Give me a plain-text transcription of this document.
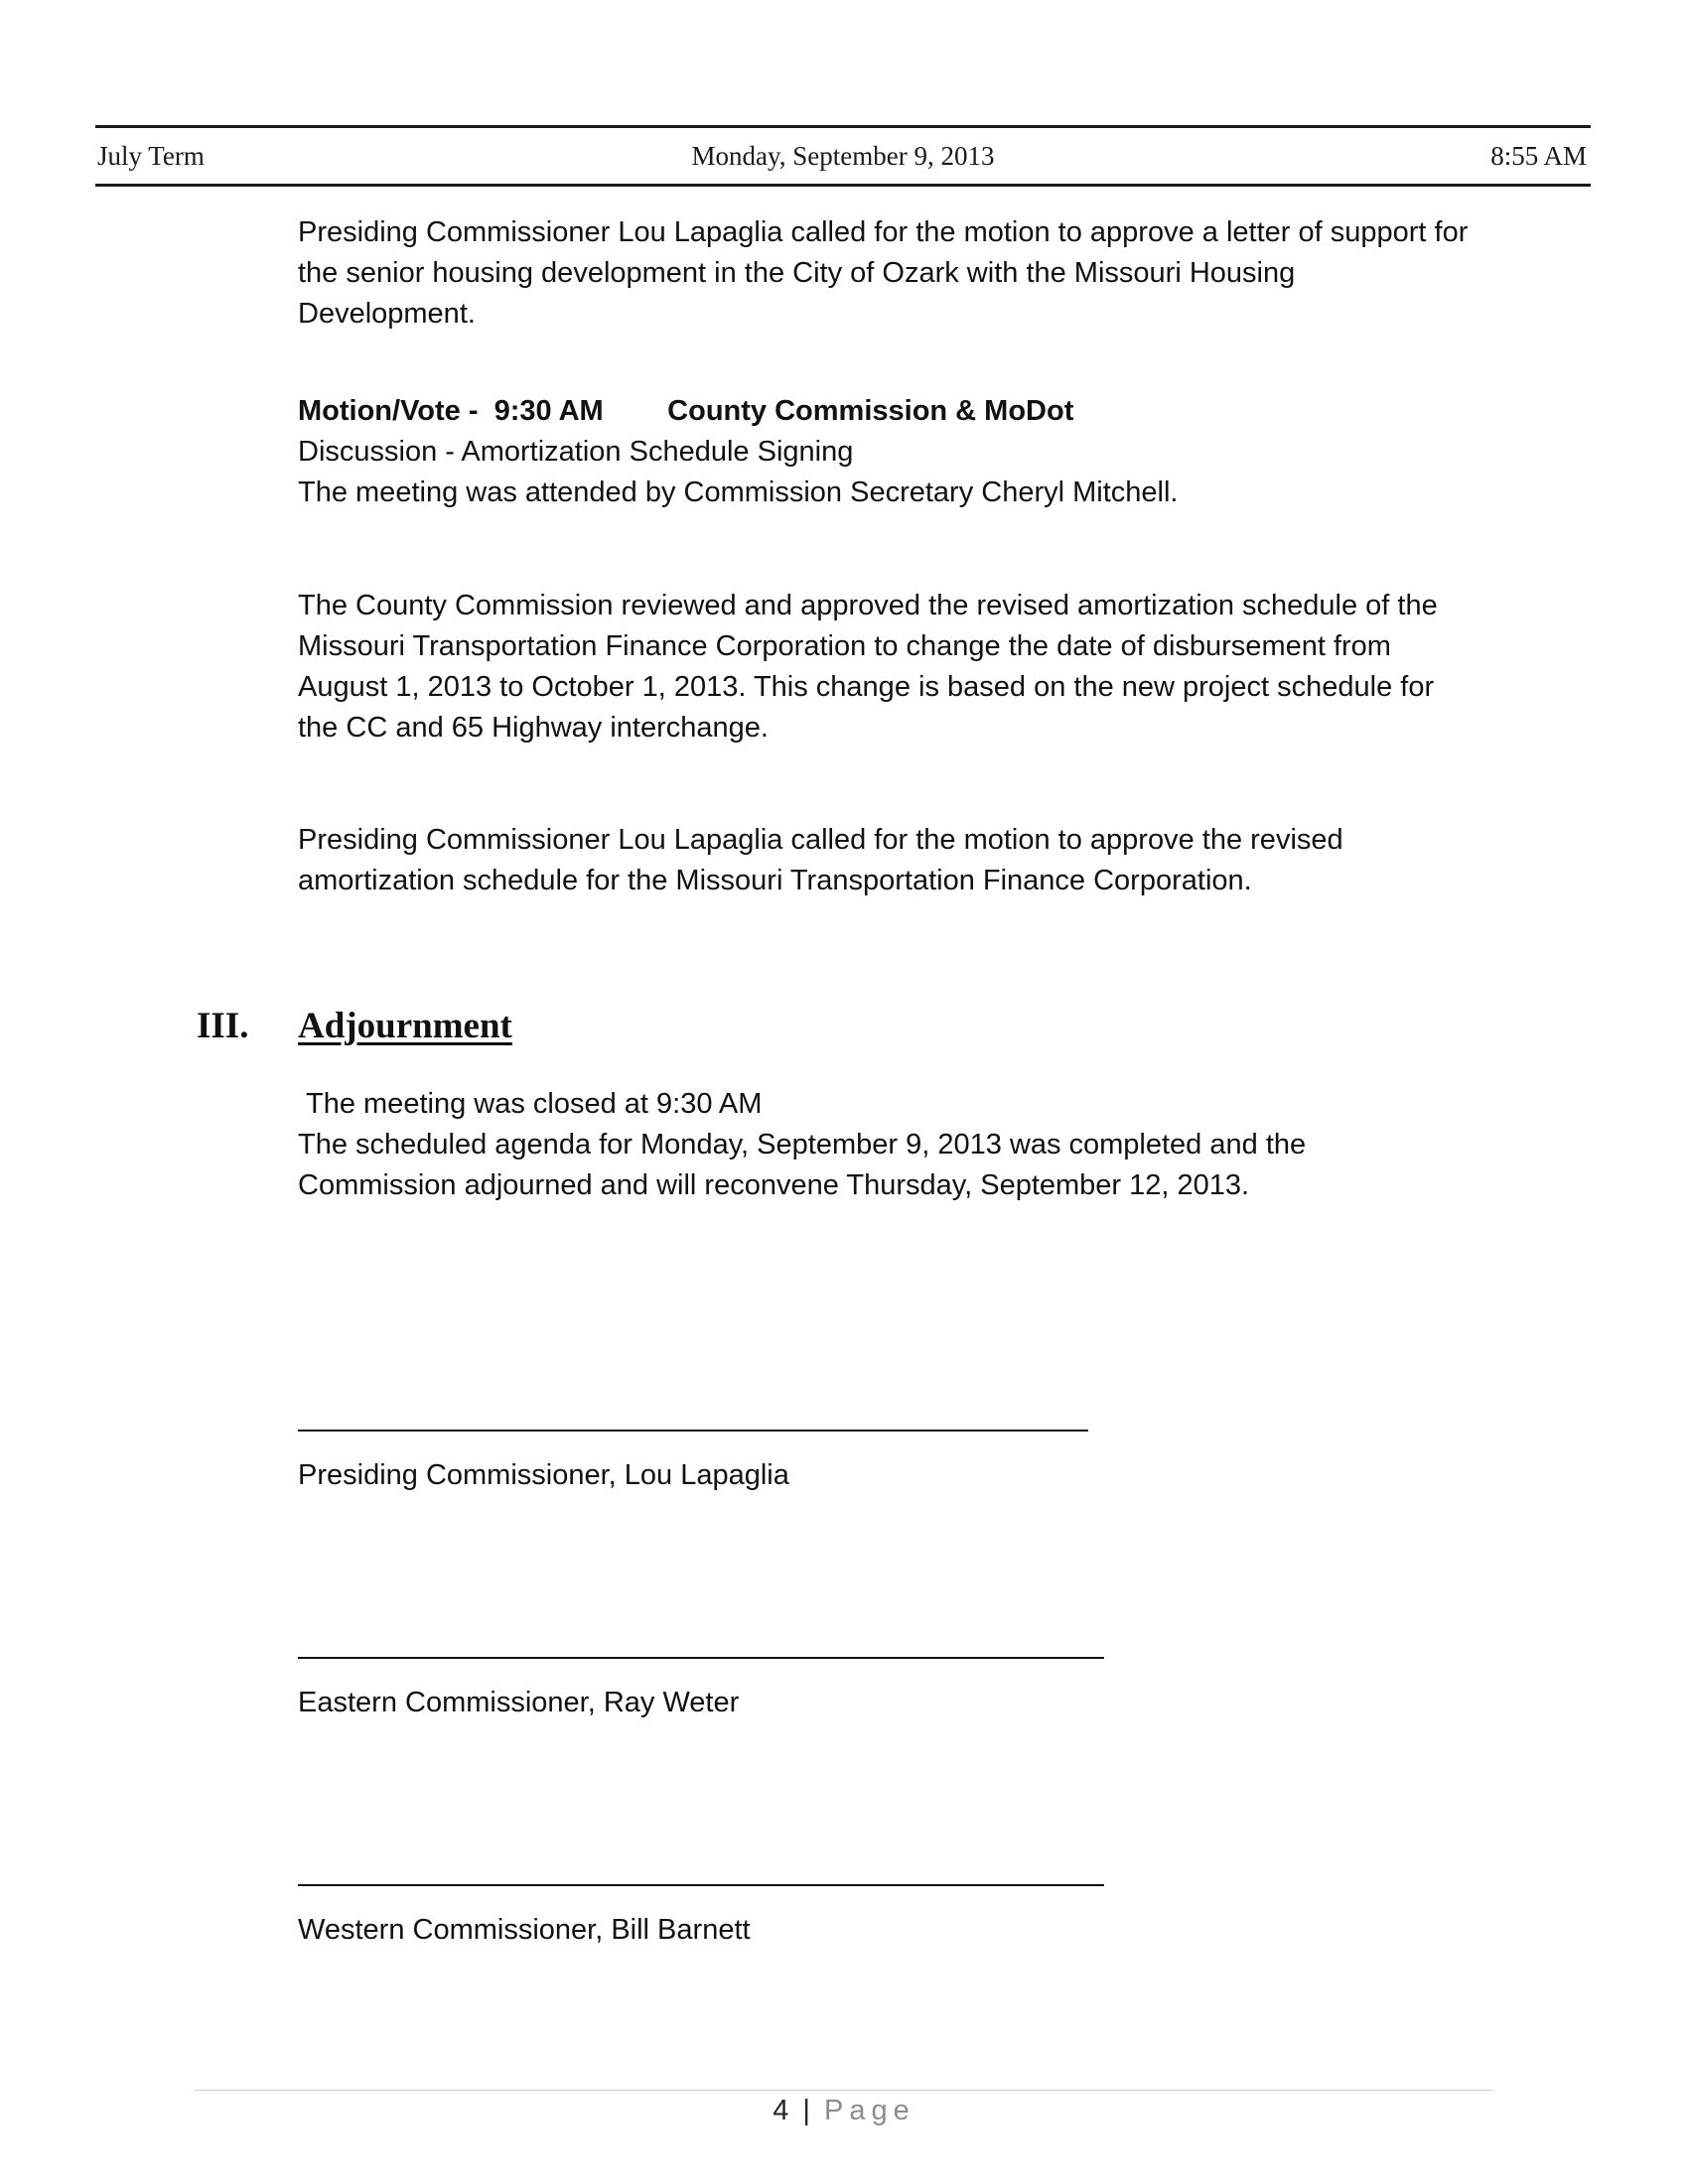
July Term	Monday, September 9, 2013	8:55 AM

Presiding Commissioner Lou Lapaglia called for the motion to approve a letter of support for the senior housing development in the City of Ozark with the Missouri Housing Development.

Motion/Vote -  9:30 AM        County Commission & MoDot

Discussion - Amortization Schedule Signing

The meeting was attended by Commission Secretary Cheryl Mitchell.

The County Commission reviewed and approved the revised amortization schedule of the Missouri Transportation Finance Corporation to change the date of disbursement from August 1, 2013 to October 1, 2013. This change is based on the new project schedule for the CC and 65 Highway interchange.

Presiding Commissioner Lou Lapaglia called for the motion to approve the revised amortization schedule for the Missouri Transportation Finance Corporation.

III. Adjournment

The meeting was closed at 9:30 AM

The scheduled agenda for Monday, September 9, 2013 was completed and the Commission adjourned and will reconvene Thursday, September 12, 2013.

Presiding Commissioner, Lou Lapaglia
Eastern Commissioner, Ray Weter
Western Commissioner, Bill Barnett
4 | Page
